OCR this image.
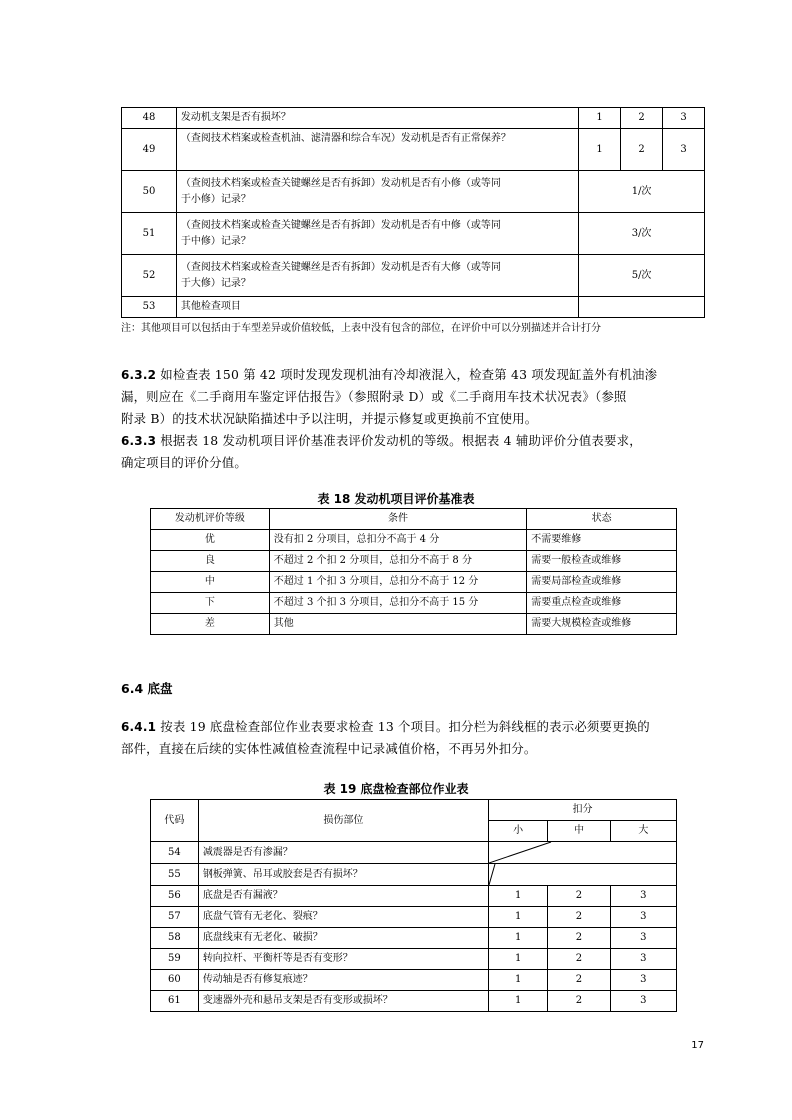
48	发动机支架是否有损坏？	1	2	3
49	（查阅技术档案或检查机油、滤清器和综合车况）发动机是否有正常保养？	1	2	3
50	（查阅技术档案或检查关键螺丝是否有拆卸）发动机是否有小修（或等同
于小修）记录？	1/次		
51	（查阅技术档案或检查关键螺丝是否有拆卸）发动机是否有中修（或等同
于中修）记录？	3/次		
52	（查阅技术档案或检查关键螺丝是否有拆卸）发动机是否有大修（或等同
于大修）记录？	5/次		
53	其他检查项目			
注：其他项目可以包括由于车型差异或价值较低，上表中没有包含的部位，在评价中可以分别描述并合计打分
6.3.2 如检查表 150 第 42 项时发现发现机油有冷却液混入，检查第 43 项发现缸盖外有机油渗
漏，则应在《二手商用车鉴定评估报告》（参照附录 D）或《二手商用车技术状况表》（参照
附录 B）的技术状况缺陷描述中予以注明，并提示修复或更换前不宜使用。
6.3.3 根据表 18 发动机项目评价基准表评价发动机的等级。根据表 4 辅助评价分值表要求，
确定项目的评价分值。
表 18 发动机项目评价基准表
发动机评价等级	条件	状态
优	没有扣 2 分项目，总扣分不高于 4 分	不需要维修
良	不超过 2 个扣 2 分项目，总扣分不高于 8 分	需要一般检查或维修
中	不超过 1 个扣 3 分项目，总扣分不高于 12 分	需要局部检查或维修
下	不超过 3 个扣 3 分项目，总扣分不高于 15 分	需要重点检查或维修
差	其他	需要大规模检查或维修
6.4 底盘
6.4.1 按表 19 底盘检查部位作业表要求检查 13 个项目。扣分栏为斜线框的表示必须要更换的
部件，直接在后续的实体性减值检查流程中记录减值价格，不再另外扣分。
表 19 底盘检查部位作业表
代码	损伤部位	扣分		
		小	中	大
54	减震器是否有渗漏？	

55	钢板弹簧、吊耳或胶套是否有损坏？	

56	底盘是否有漏液？	1	2	3
57	底盘气管有无老化、裂痕？	1	2	3
58	底盘线束有无老化、破损？	1	2	3
59	转向拉杆、平衡杆等是否有变形？	1	2	3
60	传动轴是否有修复痕迹？	1	2	3
61	变速器外壳和悬吊支架是否有变形或损坏？	1	2	3
17
